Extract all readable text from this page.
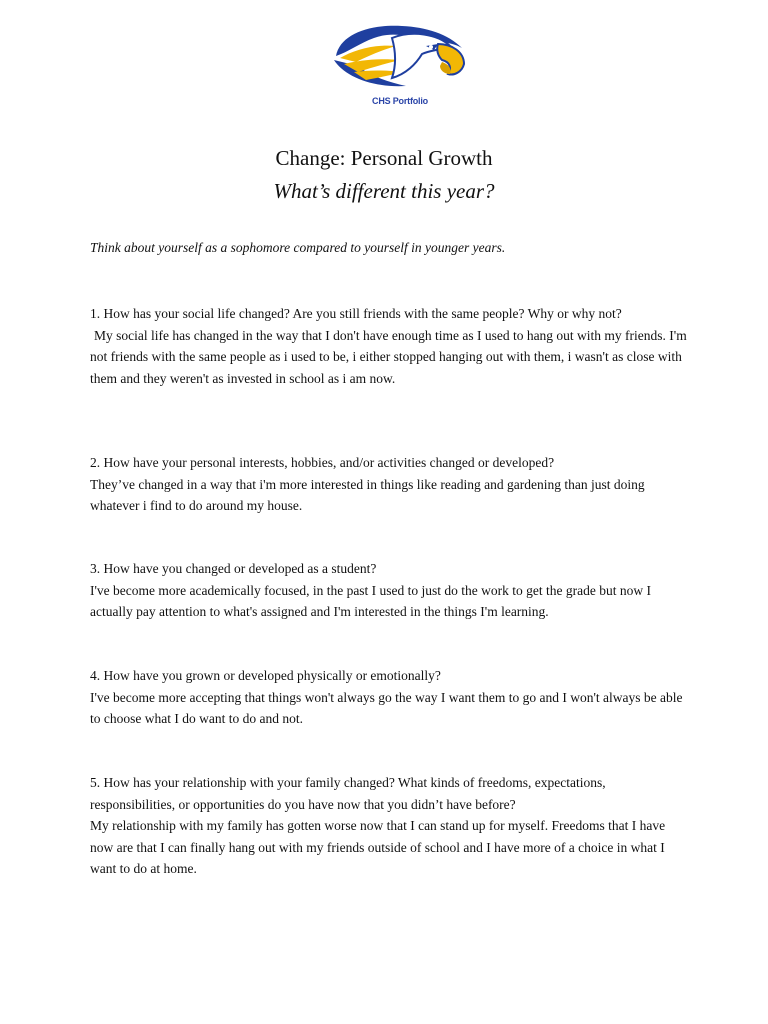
CHS Portfolio
Change: Personal Growth
What’s different this year?
Think about yourself as a sophomore compared to yourself in younger years.
1. How has your social life changed? Are you still friends with the same people? Why or why not?
My social life has changed in the way that I don't have enough time as I used to hang out with my friends. I'm not friends with the same people as i used to be, i either stopped hanging out with them, i wasn't as close with them and they weren't as invested in school as i am now.
2. How have your personal interests, hobbies, and/or activities changed or developed?
They’ve changed in a way that i'm more interested in things like reading and gardening than just doing whatever i find to do around my house.
3. How have you changed or developed as a student?
I've become more academically focused, in the past I used to just do the work to get the grade but now I actually pay attention to what's assigned and I'm interested in the things I'm learning.
4. How have you grown or developed physically or emotionally?
I've become more accepting that things won't always go the way I want them to go and I won't always be able to choose what I do want to do and not.
5. How has your relationship with your family changed? What kinds of freedoms, expectations, responsibilities, or opportunities do you have now that you didn’t have before?
My relationship with my family has gotten worse now that I can stand up for myself. Freedoms that I have now are that I can finally hang out with my friends outside of school and I have more of a choice in what I want to do at home.
